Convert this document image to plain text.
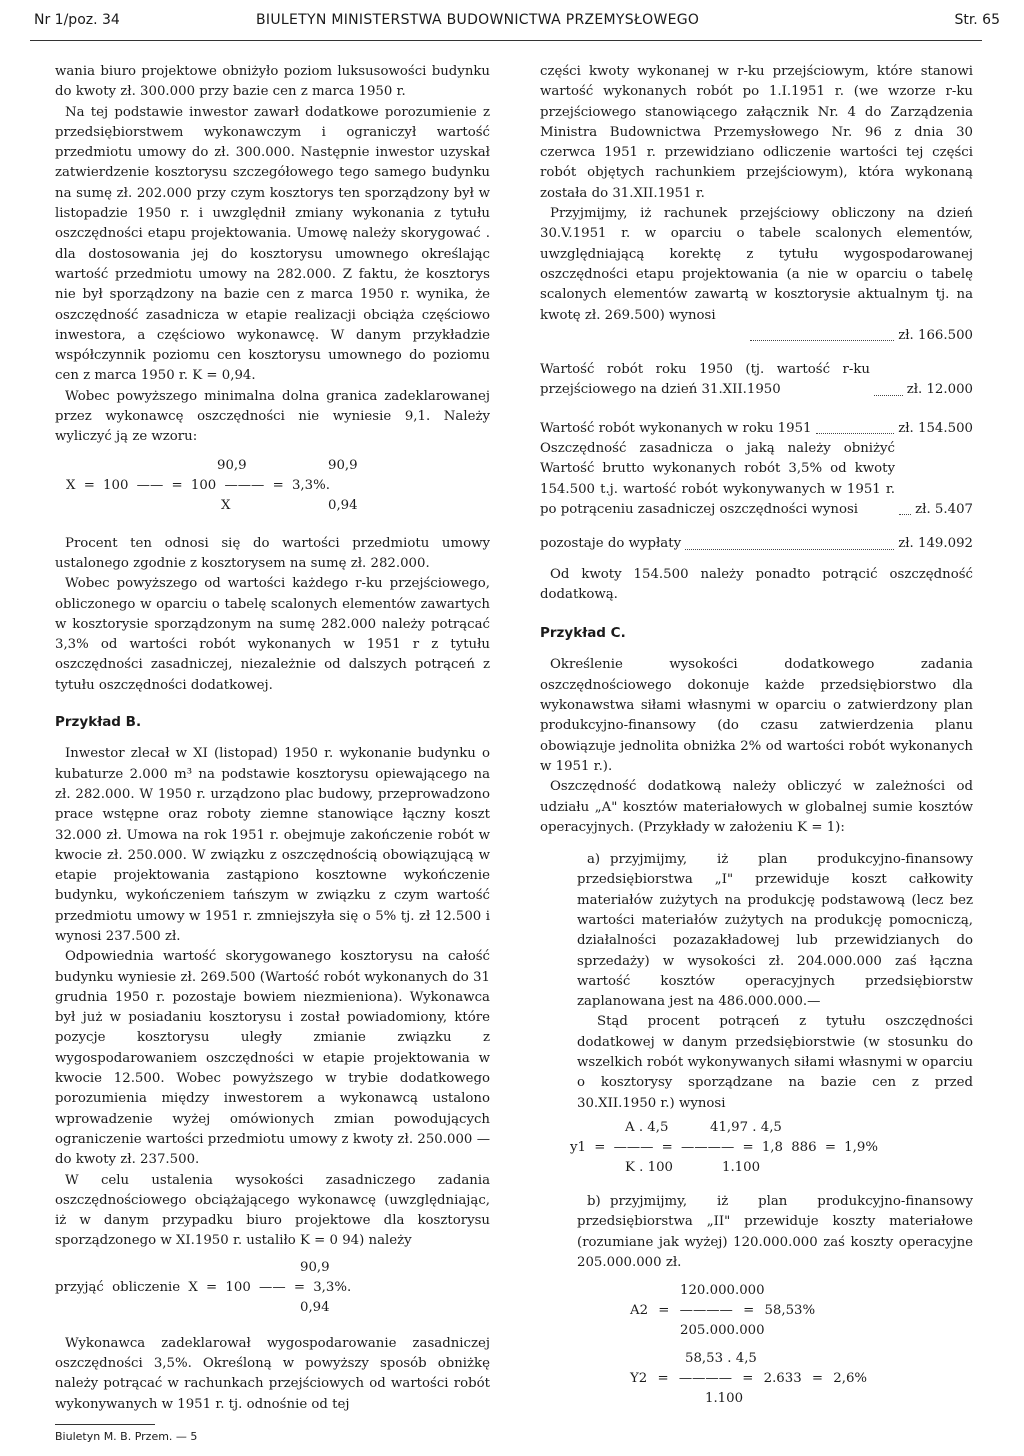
Nr 1/poz. 34	BIULETYN MINISTERSTWA BUDOWNICTWA PRZEMYSŁOWEGO	Str. 65

wania biuro projektowe obniżyło poziom luksusowości budynku do kwoty zł. 300.000 przy bazie cen z marca 1950 r.

Na tej podstawie inwestor zawarł dodatkowe porozumienie z przedsiębiorstwem wykonawczym i ograniczył wartość przedmiotu umowy do zł. 300.000. Następnie inwestor uzyskał zatwierdzenie kosztorysu szczegółowego tego samego budynku na sumę zł. 202.000 przy czym kosztorys ten sporządzony był w listopadzie 1950 r. i uwzględnił zmiany wykonania z tytułu oszczędności etapu projektowania. Umowę należy skorygować . dla dostosowania jej do kosztorysu umownego określając wartość przedmiotu umowy na 282.000. Z faktu, że kosztorys nie był sporządzony na bazie cen z marca 1950 r. wynika, że oszczędność zasadnicza w etapie realizacji obciąża częściowo inwestora, a częściowo wykonawcę. W danym przykładzie współczynnik poziomu cen kosztorysu umownego do poziomu cen z marca 1950 r. K = 0,94.

Wobec powyższego minimalna dolna granica zadeklarowanej przez wykonawcę oszczędności nie wyniesie 9,1. Należy wyliczyć ją ze wzoru:

90,9	90,9
X = 100 —— = 100 ——— = 3,3%.
X	0,94

Procent ten odnosi się do wartości przedmiotu umowy ustalonego zgodnie z kosztorysem na sumę zł. 282.000.

Wobec powyższego od wartości każdego r-ku przejściowego, obliczonego w oparciu o tabelę scalonych elementów zawartych w kosztorysie sporządzonym na sumę 282.000 należy potrącać 3,3% od wartości robót wykonanych w 1951 r z tytułu oszczędności zasadniczej, niezależnie od dalszych potrąceń z tytułu oszczędności dodatkowej.

Przykład B.

Inwestor zlecał w XI (listopad) 1950 r. wykonanie budynku o kubaturze 2.000 m³ na podstawie kosztorysu opiewającego na zł. 282.000. W 1950 r. urządzono plac budowy, przeprowadzono prace wstępne oraz roboty ziemne stanowiące łączny koszt 32.000 zł. Umowa na rok 1951 r. obejmuje zakończenie robót w kwocie zł. 250.000. W związku z oszczędnością obowiązującą w etapie projektowania zastąpiono kosztowne wykończenie budynku, wykończeniem tańszym w związku z czym wartość przedmiotu umowy w 1951 r. zmniejszyła się o 5% tj. zł 12.500 i wynosi 237.500 zł.

Odpowiednia wartość skorygowanego kosztorysu na całość budynku wyniesie zł. 269.500 (Wartość robót wykonanych do 31 grudnia 1950 r. pozostaje bowiem niezmieniona). Wykonawca był już w posiadaniu kosztorysu i został powiadomiony, które pozycje kosztorysu uległy zmianie związku z wygospodarowaniem oszczędności w etapie projektowania w kwocie 12.500. Wobec powyższego w trybie dodatkowego porozumienia między inwestorem a wykonawcą ustalono wprowadzenie wyżej omówionych zmian powodujących ograniczenie wartości przedmiotu umowy z kwoty zł. 250.000 — do kwoty zł. 237.500.

W celu ustalenia wysokości zasadniczego zadania oszczędnościowego obciążającego wykonawcę (uwzględniając, iż w danym przypadku biuro projektowe dla kosztorysu sporządzonego w XI.1950 r. ustaliło K = 0 94) należy

90,9
przyjąć obliczenie X = 100 —— = 3,3%.
0,94

Wykonawca zadeklarował wygospodarowanie zasadniczej oszczędności 3,5%. Określoną w powyższy sposób obniżkę należy potrącać w rachunkach przejściowych od wartości robót wykonywanych w 1951 r. tj. odnośnie od tej

części kwoty wykonanej w r-ku przejściowym, które stanowi wartość wykonanych robót po 1.I.1951 r. (we wzorze r-ku przejściowego stanowiącego załącznik Nr. 4 do Zarządzenia Ministra Budownictwa Przemysłowego Nr. 96 z dnia 30 czerwca 1951 r. przewidziano odliczenie wartości tej części robót objętych rachunkiem przejściowym), która wykonaną została do 31.XII.1951 r.

Przyjmijmy, iż rachunek przejściowy obliczony na dzień 30.V.1951 r. w oparciu o tabele scalonych elementów, uwzględniającą korektę z tytułu wygospodarowanej oszczędności etapu projektowania (a nie w oparciu o tabelę scalonych elementów zawartą w kosztorysie aktualnym tj. na kwotę zł. 269.500) wynosi

zł. 166.500
Wartość robót roku 1950 (tj. wartość r-ku przejściowego na dzień 31.XII.1950	zł. 12.000
Wartość robót wykonanych w roku 1951	zł. 154.500
Oszczędność zasadnicza o jaką należy obniżyć Wartość brutto wykonanych robót 3,5% od kwoty 154.500 t.j. wartość robót wykonywanych w 1951 r. po potrąceniu zasadniczej oszczędności wynosi	zł. 5.407
pozostaje do wypłaty	zł. 149.092

Od kwoty 154.500 należy ponadto potrącić oszczędność dodatkową.

Przykład C.

Określenie wysokości dodatkowego zadania oszczędnościowego dokonuje każde przedsiębiorstwo dla wykonawstwa siłami własnymi w oparciu o zatwierdzony plan produkcyjno-finansowy (do czasu zatwierdzenia planu obowiązuje jednolita obniżka 2% od wartości robót wykonanych w 1951 r.).

Oszczędność dodatkową należy obliczyć w zależności od udziału „A" kosztów materiałowych w globalnej sumie kosztów operacyjnych. (Przykłady w założeniu K = 1):

a) przyjmijmy, iż plan produkcyjno-finansowy przedsiębiorstwa „I" przewiduje koszt całkowity materiałów zużytych na produkcję podstawową (lecz bez wartości materiałów zużytych na produkcję pomocniczą, działalności pozazakładowej lub przewidzianych do sprzedaży) w wysokości zł. 204.000.000 zaś łączna wartość kosztów operacyjnych przedsiębiorstw zaplanowana jest na 486.000.000.—

Stąd procent potrąceń z tytułu oszczędności dodatkowej w danym przedsiębiorstwie (w stosunku do wszelkich robót wykonywanych siłami własnymi w oparciu o kosztorysy sporządzane na bazie cen z przed 30.XII.1950 r.) wynosi

A . 4,5	41,97 . 4,5
y1 = ——— = ———— = 1,8 886 = 1,9%
K . 100	1.100

b) przyjmijmy, iż plan produkcyjno-finansowy przedsiębiorstwa „II" przewiduje koszty materiałowe (rozumiane jak wyżej) 120.000.000 zaś koszty operacyjne 205.000.000 zł.

120.000.000
A2 = ———— = 58,53%
205.000.000
58,53 . 4,5
Y2 = ———— = 2.633 = 2,6%
1.100
Biuletyn M. B. Przem. — 5
